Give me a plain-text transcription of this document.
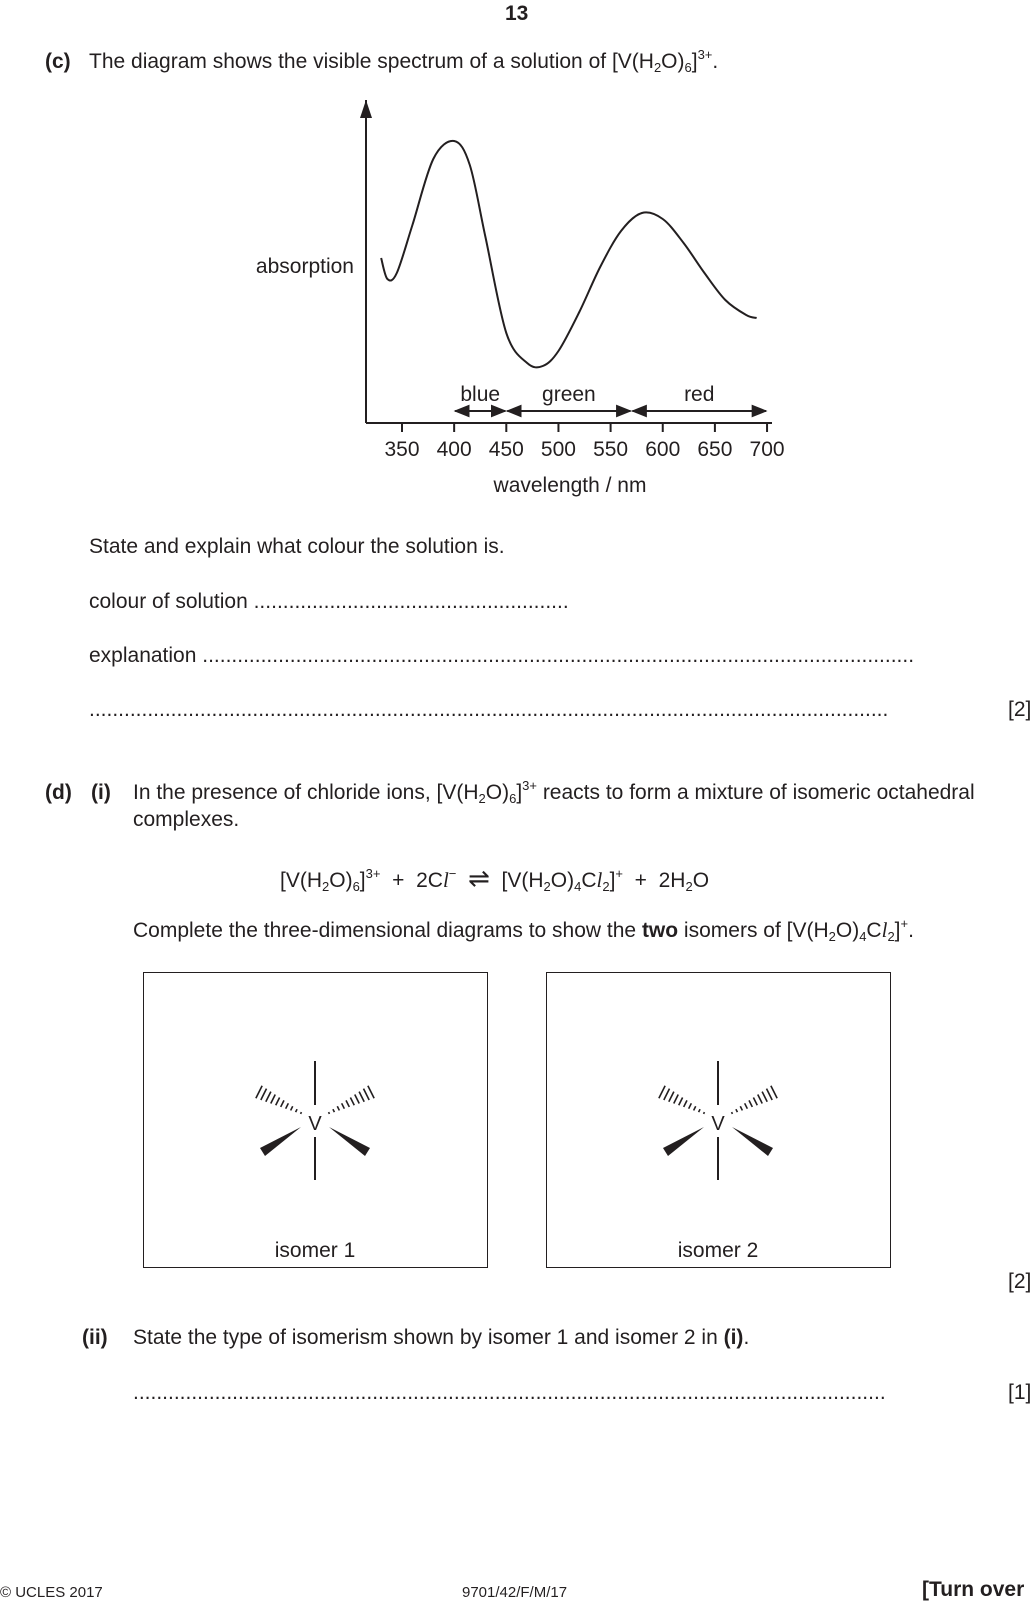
13
(c) The diagram shows the visible spectrum of a solution of $[V(H_2O)_6]^{3+}$.
350 400 450 500 550 600 650 700
blue green	red
absorption
wavelength / nm
State and explain what colour the solution is.
colour of solution ......................................................
explanation ..........................................................................................................................
.........................................................................................................................................	[2]
(d) (i) In the presence of chloride ions, $[V(H_2O)_6]^{3+}$ reacts to form a mixture of isomeric octahedral
complexes.
$[V(H_2O)_6]^{3+} + 2Cl^-$ ⇌ $[V(H_2O)_4Cl_2]^+ + 2H_2O$
Complete the three-dimensional diagrams to show the two isomers of $[V(H_2O)_4Cl_2]^+$.
V
isomer 1
V
isomer 2
[2]
(ii) State the type of isomerism shown by isomer 1 and isomer 2 in (i).
.................................................................................................................................	[1]
© UCLES 2017	9701/42/F/M/17	[Turn over
